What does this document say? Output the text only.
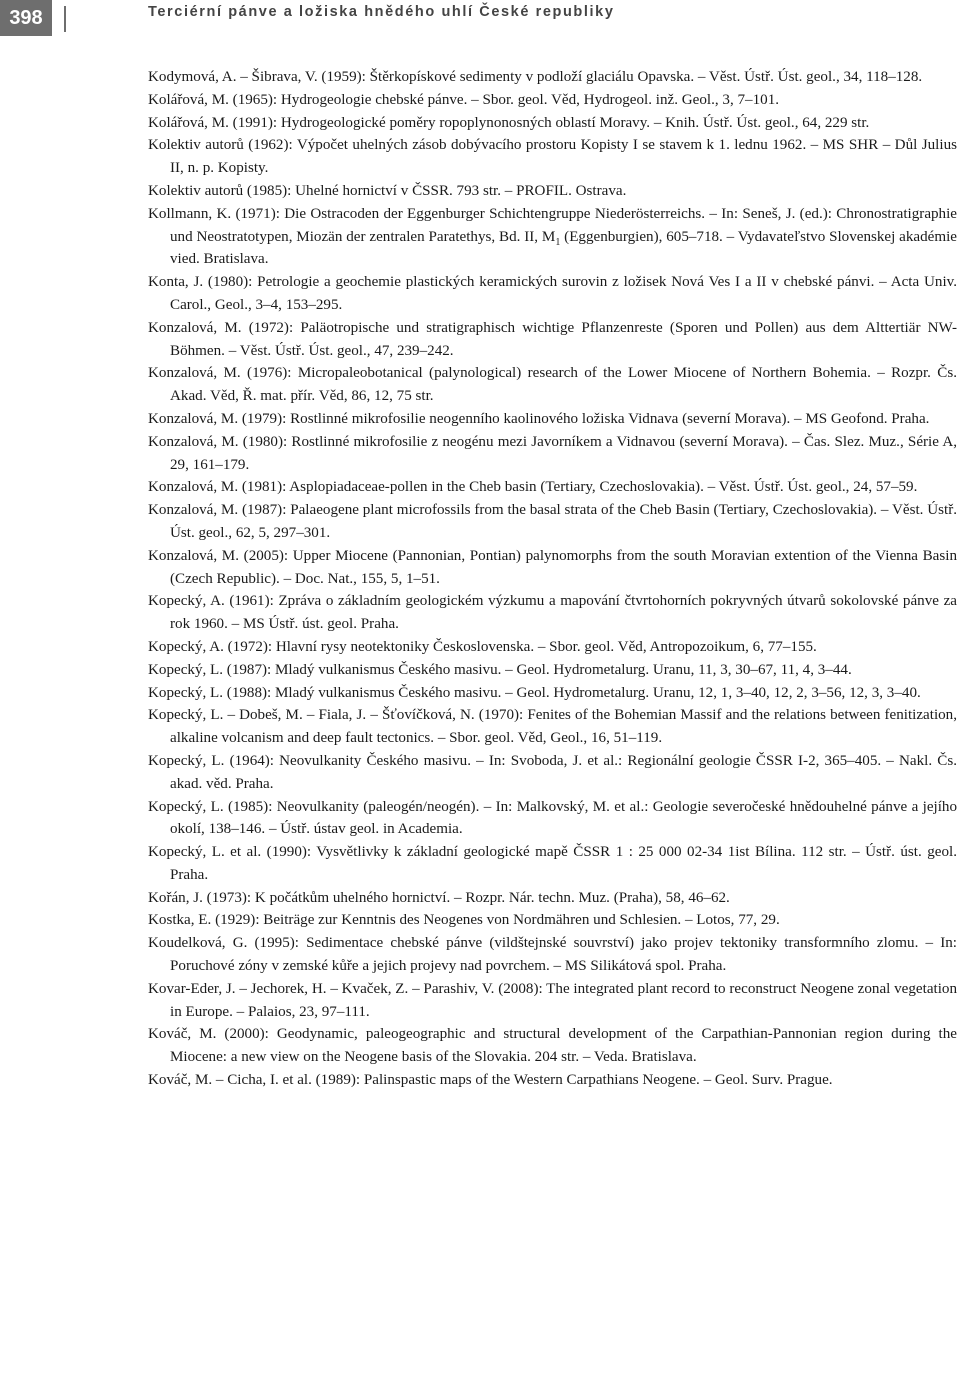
398	Terciérní pánve a ložiska hnědého uhlí České republiky
Kodymová, A. – Šibrava, V. (1959): Štěrkopískové sedimenty v podloží glaciálu Opavska. – Věst. Ústř. Úst. geol., 34, 118–128.
Kolářová, M. (1965): Hydrogeologie chebské pánve. – Sbor. geol. Věd, Hydrogeol. inž. Geol., 3, 7–101.
Kolářová, M. (1991): Hydrogeologické poměry ropoplynonosných oblastí Moravy. – Knih. Ústř. Úst. geol., 64, 229 str.
Kolektiv autorů (1962): Výpočet uhelných zásob dobývacího prostoru Kopisty I se stavem k 1. lednu 1962. – MS SHR – Důl Julius II, n. p. Kopisty.
Kolektiv autorů (1985): Uhelné hornictví v ČSSR. 793 str. – PROFIL. Ostrava.
Kollmann, K. (1971): Die Ostracoden der Eggenburger Schichtengruppe Niederösterreichs. – In: Seneš, J. (ed.): Chronostratigraphie und Neostratotypen, Miozän der zentralen Paratethys, Bd. II, $M_1$ (Eggenburgien), 605–718. – Vydavateľstvo Slovenskej akadémie vied. Bratislava.
Konta, J. (1980): Petrologie a geochemie plastických keramických surovin z ložisek Nová Ves I a II v chebské pánvi. – Acta Univ. Carol., Geol., 3–4, 153–295.
Konzalová, M. (1972): Paläotropische und stratigraphisch wichtige Pflanzenreste (Sporen und Pollen) aus dem Alttertiär NW-Böhmen. – Věst. Ústř. Úst. geol., 47, 239–242.
Konzalová, M. (1976): Micropaleobotanical (palynological) research of the Lower Miocene of Northern Bohemia. – Rozpr. Čs. Akad. Věd, Ř. mat. přír. Věd, 86, 12, 75 str.
Konzalová, M. (1979): Rostlinné mikrofosilie neogenního kaolinového ložiska Vidnava (severní Morava). – MS Geofond. Praha.
Konzalová, M. (1980): Rostlinné mikrofosilie z neogénu mezi Javorníkem a Vidnavou (severní Morava). – Čas. Slez. Muz., Série A, 29, 161–179.
Konzalová, M. (1981): Asplopiadaceae-pollen in the Cheb basin (Tertiary, Czechoslovakia). – Věst. Ústř. Úst. geol., 24, 57–59.
Konzalová, M. (1987): Palaeogene plant microfossils from the basal strata of the Cheb Basin (Tertiary, Czechoslovakia). – Věst. Ústř. Úst. geol., 62, 5, 297–301.
Konzalová, M. (2005): Upper Miocene (Pannonian, Pontian) palynomorphs from the south Moravian extention of the Vienna Basin (Czech Republic). – Doc. Nat., 155, 5, 1–51.
Kopecký, A. (1961): Zpráva o základním geologickém výzkumu a mapování čtvrtohorních pokryvných útvarů sokolovské pánve za rok 1960. – MS Ústř. úst. geol. Praha.
Kopecký, A. (1972): Hlavní rysy neotektoniky Československa. – Sbor. geol. Věd, Antropozoikum, 6, 77–155.
Kopecký, L. (1987): Mladý vulkanismus Českého masivu. – Geol. Hydrometalurg. Uranu, 11, 3, 30–67, 11, 4, 3–44.
Kopecký, L. (1988): Mladý vulkanismus Českého masivu. – Geol. Hydrometalurg. Uranu, 12, 1, 3–40, 12, 2, 3–56, 12, 3, 3–40.
Kopecký, L. – Dobeš, M. – Fiala, J. – Šťovíčková, N. (1970): Fenites of the Bohemian Massif and the relations between fenitization, alkaline volcanism and deep fault tectonics. – Sbor. geol. Věd, Geol., 16, 51–119.
Kopecký, L. (1964): Neovulkanity Českého masivu. – In: Svoboda, J. et al.: Regionální geologie ČSSR I-2, 365–405. – Nakl. Čs. akad. věd. Praha.
Kopecký, L. (1985): Neovulkanity (paleogén/neogén). – In: Malkovský, M. et al.: Geologie severočeské hnědouhelné pánve a jejího okolí, 138–146. – Ústř. ústav geol. in Academia.
Kopecký, L. et al. (1990): Vysvětlivky k základní geologické mapě ČSSR 1 : 25 000 02-34 1ist Bílina. 112 str. – Ústř. úst. geol. Praha.
Kořán, J. (1973): K počátkům uhelného hornictví. – Rozpr. Nár. techn. Muz. (Praha), 58, 46–62.
Kostka, E. (1929): Beiträge zur Kenntnis des Neogenes von Nordmähren und Schlesien. – Lotos, 77, 29.
Koudelková, G. (1995): Sedimentace chebské pánve (vildštejnské souvrství) jako projev tektoniky transformního zlomu. – In: Poruchové zóny v zemské kůře a jejich projevy nad povrchem. – MS Silikátová spol. Praha.
Kovar-Eder, J. – Jechorek, H. – Kvaček, Z. – Parashiv, V. (2008): The integrated plant record to reconstruct Neogene zonal vegetation in Europe. – Palaios, 23, 97–111.
Kováč, M. (2000): Geodynamic, paleogeographic and structural development of the Carpathian-Pannonian region during the Miocene: a new view on the Neogene basis of the Slovakia. 204 str. – Veda. Bratislava.
Kováč, M. – Cicha, I. et al. (1989): Palinspastic maps of the Western Carpathians Neogene. – Geol. Surv. Prague.
